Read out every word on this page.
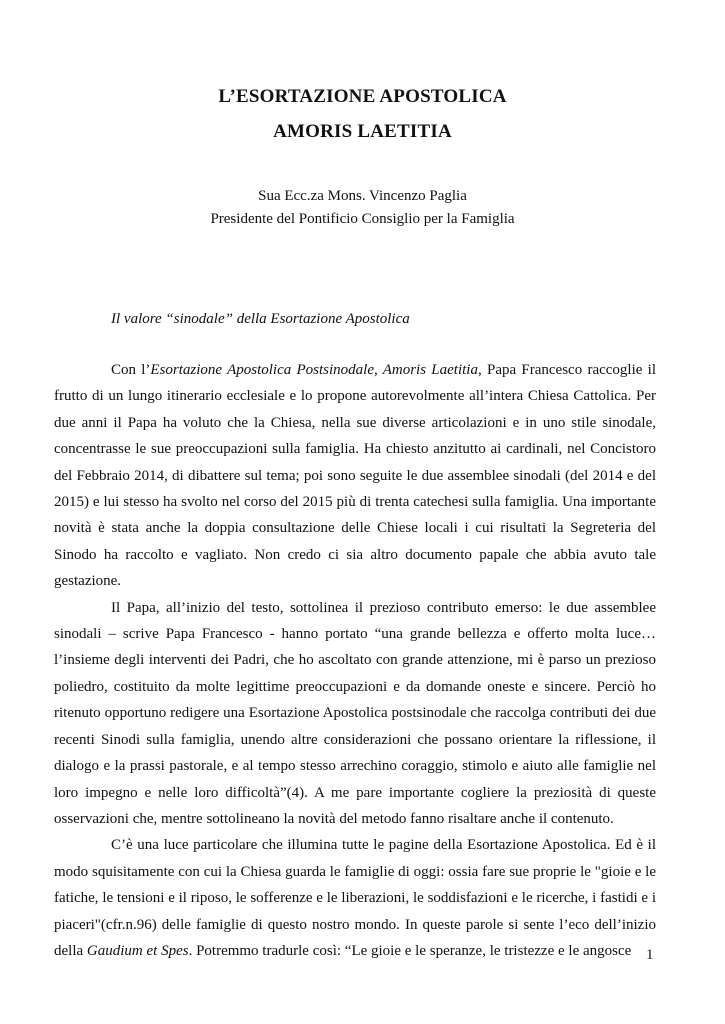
L’ESORTAZIONE APOSTOLICA
AMORIS LAETITIA
Sua Ecc.za Mons. Vincenzo Paglia
Presidente del Pontificio Consiglio per la Famiglia
Il valore “sinodale” della Esortazione Apostolica

Con l’Esortazione Apostolica Postsinodale, Amoris Laetitia, Papa Francesco raccoglie il frutto di un lungo itinerario ecclesiale e lo propone autorevolmente all’intera Chiesa Cattolica. Per due anni il Papa ha voluto che la Chiesa, nella sue diverse articolazioni e in uno stile sinodale, concentrasse le sue preoccupazioni sulla famiglia. Ha chiesto anzitutto ai cardinali, nel Concistoro del Febbraio 2014, di dibattere sul tema; poi sono seguite le due assemblee sinodali (del 2014 e del 2015) e lui stesso ha svolto nel corso del 2015 più di trenta catechesi sulla famiglia. Una importante novità è stata anche la doppia consultazione delle Chiese locali i cui risultati la Segreteria del Sinodo ha raccolto e vagliato. Non credo ci sia altro documento papale che abbia avuto tale gestazione.

Il Papa, all’inizio del testo, sottolinea il prezioso contributo emerso: le due assemblee sinodali – scrive Papa Francesco - hanno portato “una grande bellezza e offerto molta luce… l’insieme degli interventi dei Padri, che ho ascoltato con grande attenzione, mi è parso un prezioso poliedro, costituito da molte legittime preoccupazioni e da domande oneste e sincere. Perciò ho ritenuto opportuno redigere una Esortazione Apostolica postsinodale che raccolga contributi dei due recenti Sinodi sulla famiglia, unendo altre considerazioni che possano orientare la riflessione, il dialogo e la prassi pastorale, e al tempo stesso arrechino coraggio, stimolo e aiuto alle famiglie nel loro impegno e nelle loro difficoltà”(4). A me pare importante cogliere la preziosità di queste osservazioni che, mentre sottolineano la novità del metodo fanno risaltare anche il contenuto.

C’è una luce particolare che illumina tutte le pagine della Esortazione Apostolica. Ed è il modo squisitamente con cui la Chiesa guarda le famiglie di oggi: ossia fare sue proprie le "gioie e le fatiche, le tensioni e il riposo, le sofferenze e le liberazioni, le soddisfazioni e le ricerche, i fastidi e i piaceri"(cfr.n.96) delle famiglie di questo nostro mondo. In queste parole si sente l’eco dell’inizio della Gaudium et Spes. Potremmo tradurle così: “Le gioie e le speranze, le tristezze e le angosce 1
